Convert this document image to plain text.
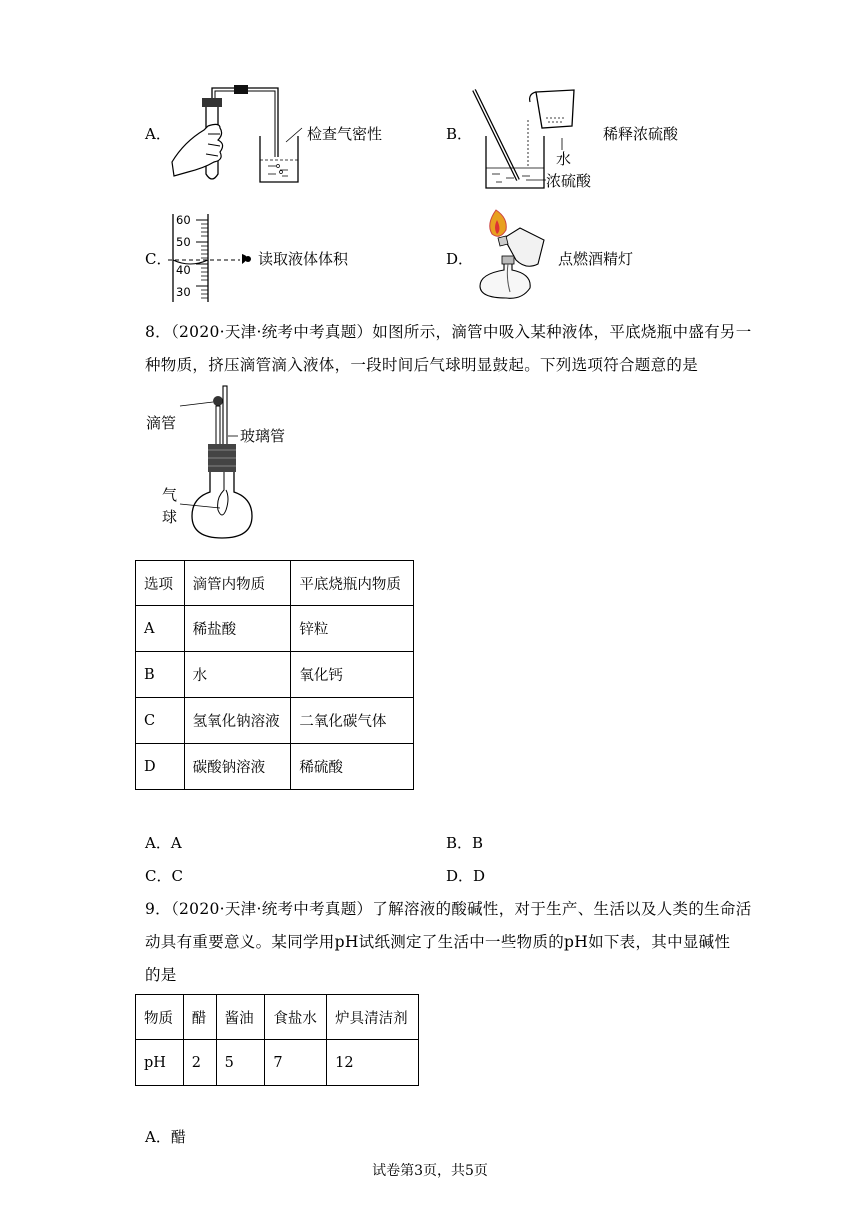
A．	检查气密性	B．
水
浓硫酸
稀释浓硫酸
C．
60
50
40
30
读取液体体积	D．	点燃酒精灯
8．（2020·天津·统考中考真题）如图所示，滴管中吸入某种液体，平底烧瓶中盛有另一
种物质，挤压滴管滴入液体，一段时间后气球明显鼓起。下列选项符合题意的是
滴管
玻璃管
气
球
选项	滴管内物质	平底烧瓶内物质
A	稀盐酸	锌粒
B	水	氧化钙
C	氢氧化钠溶液	二氧化碳气体
D	碳酸钠溶液	稀硫酸
A．A	B．B
C．C	D．D
9．（2020·天津·统考中考真题）了解溶液的酸碱性，对于生产、生活以及人类的生命活
动具有重要意义。某同学用pH试纸测定了生活中一些物质的pH如下表，其中显碱性
的是
物质	醋	酱油	食盐水	炉具清洁剂
pH	2	5	7	12
A．醋
试卷第3页，共5页
